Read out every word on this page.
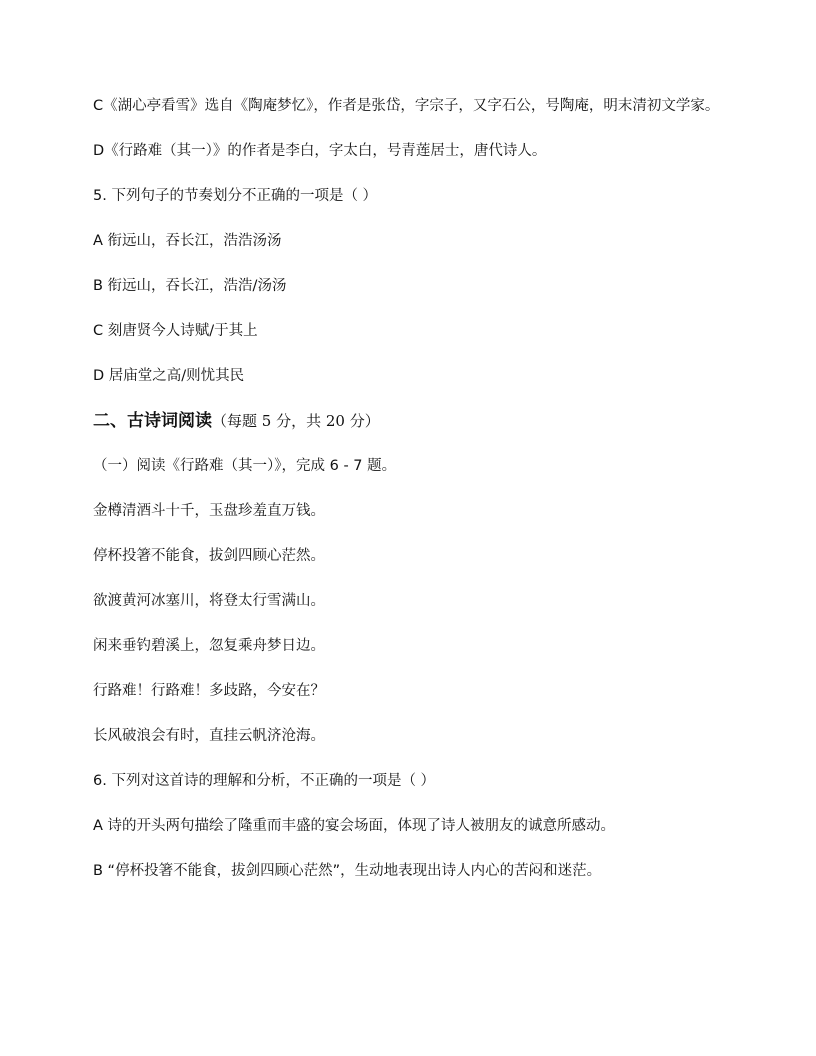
C《湖心亭看雪》选自《陶庵梦忆》，作者是张岱，字宗子，又字石公，号陶庵，明末清初文学家。

D《行路难（其一）》的作者是李白，字太白，号青莲居士，唐代诗人。

5. 下列句子的节奏划分不正确的一项是（ ）

A 衔远山，吞长江，浩浩汤汤

B 衔远山，吞长江，浩浩/汤汤

C 刻唐贤今人诗赋/于其上

D 居庙堂之高/则忧其民

二、古诗词阅读（每题 5 分，共 20 分）

（一）阅读《行路难（其一）》，完成 6 - 7 题。

金樽清酒斗十千，玉盘珍羞直万钱。

停杯投箸不能食，拔剑四顾心茫然。

欲渡黄河冰塞川，将登太行雪满山。

闲来垂钓碧溪上，忽复乘舟梦日边。

行路难！行路难！多歧路，今安在？

长风破浪会有时，直挂云帆济沧海。

6. 下列对这首诗的理解和分析，不正确的一项是（ ）

A 诗的开头两句描绘了隆重而丰盛的宴会场面，体现了诗人被朋友的诚意所感动。

B “停杯投箸不能食，拔剑四顾心茫然”，生动地表现出诗人内心的苦闷和迷茫。
